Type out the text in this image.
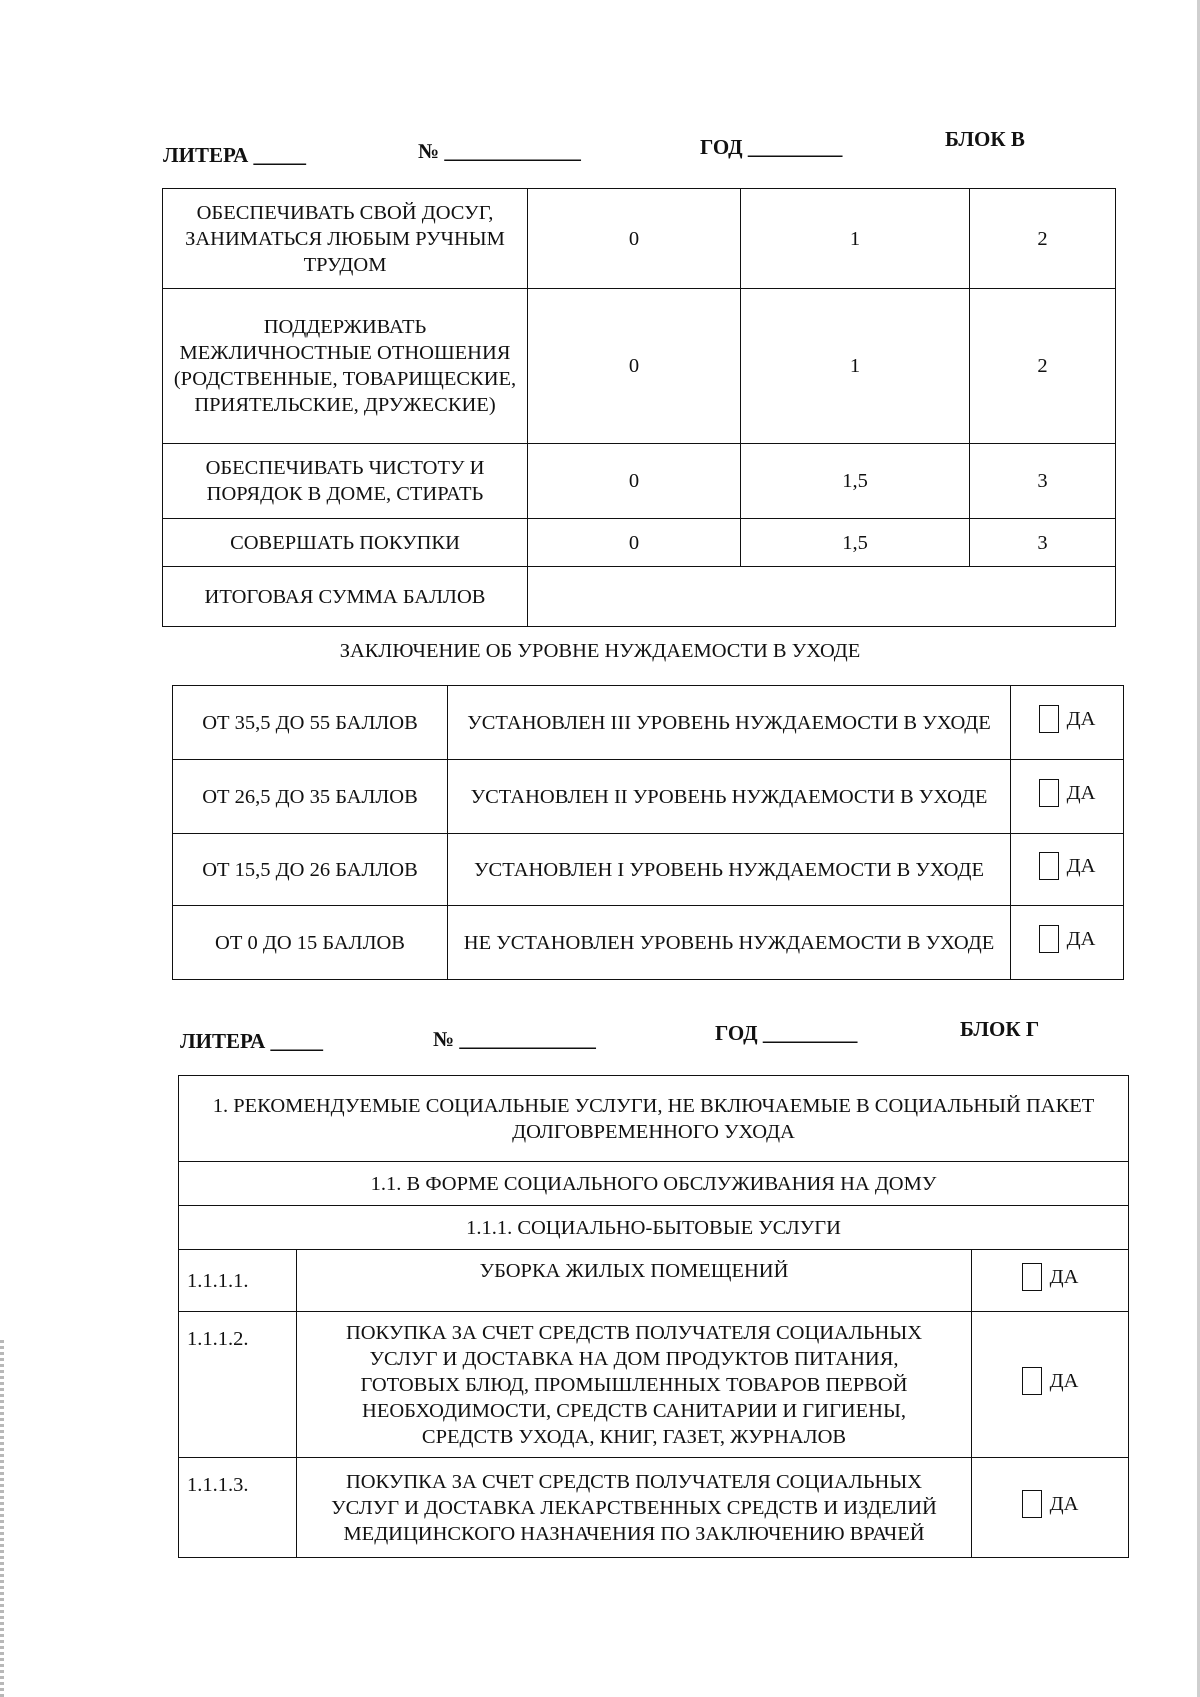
ЛИТЕРА _____	№ _____________	ГОД _________	БЛОК В
ОБЕСПЕЧИВАТЬ СВОЙ ДОСУГ, ЗАНИМАТЬСЯ ЛЮБЫМ РУЧНЫМ ТРУДОМ	0	1	2
ПОДДЕРЖИВАТЬ МЕЖЛИЧНОСТНЫЕ ОТНОШЕНИЯ (РОДСТВЕННЫЕ, ТОВАРИЩЕСКИЕ, ПРИЯТЕЛЬСКИЕ, ДРУЖЕСКИЕ)	0	1	2
ОБЕСПЕЧИВАТЬ ЧИСТОТУ И ПОРЯДОК В ДОМЕ, СТИРАТЬ	0	1,5	3
СОВЕРШАТЬ ПОКУПКИ	0	1,5	3
ИТОГОВАЯ СУММА БАЛЛОВ			
ЗАКЛЮЧЕНИЕ ОБ УРОВНЕ НУЖДАЕМОСТИ В УХОДЕ
ОТ 35,5 ДО 55 БАЛЛОВ	УСТАНОВЛЕН III УРОВЕНЬ НУЖДАЕМОСТИ В УХОДЕ	ДА

ОТ 26,5 ДО 35 БАЛЛОВ	УСТАНОВЛЕН II УРОВЕНЬ НУЖДАЕМОСТИ В УХОДЕ	ДА

ОТ 15,5 ДО 26 БАЛЛОВ	УСТАНОВЛЕН I УРОВЕНЬ НУЖДАЕМОСТИ В УХОДЕ	ДА

ОТ 0 ДО 15 БАЛЛОВ	НЕ УСТАНОВЛЕН УРОВЕНЬ НУЖДАЕМОСТИ В УХОДЕ	ДА
ЛИТЕРА _____	№ _____________	ГОД _________	БЛОК Г
1. РЕКОМЕНДУЕМЫЕ СОЦИАЛЬНЫЕ УСЛУГИ, НЕ ВКЛЮЧАЕМЫЕ В СОЦИАЛЬНЫЙ ПАКЕТ ДОЛГОВРЕМЕННОГО УХОДА		
1.1. В ФОРМЕ СОЦИАЛЬНОГО ОБСЛУЖИВАНИЯ НА ДОМУ		
1.1.1. СОЦИАЛЬНО-БЫТОВЫЕ УСЛУГИ		
1.1.1.1.	УБОРКА ЖИЛЫХ ПОМЕЩЕНИЙ	ДА

1.1.1.2.	ПОКУПКА ЗА СЧЕТ СРЕДСТВ ПОЛУЧАТЕЛЯ СОЦИАЛЬНЫХ УСЛУГ И ДОСТАВКА НА ДОМ ПРОДУКТОВ ПИТАНИЯ, ГОТОВЫХ БЛЮД, ПРОМЫШЛЕННЫХ ТОВАРОВ ПЕРВОЙ НЕОБХОДИМОСТИ, СРЕДСТВ САНИТАРИИ И ГИГИЕНЫ, СРЕДСТВ УХОДА, КНИГ, ГАЗЕТ, ЖУРНАЛОВ	ДА

1.1.1.3.	ПОКУПКА ЗА СЧЕТ СРЕДСТВ ПОЛУЧАТЕЛЯ СОЦИАЛЬНЫХ УСЛУГ И ДОСТАВКА ЛЕКАРСТВЕННЫХ СРЕДСТВ И ИЗДЕЛИЙ МЕДИЦИНСКОГО НАЗНАЧЕНИЯ ПО ЗАКЛЮЧЕНИЮ ВРАЧЕЙ	ДА
